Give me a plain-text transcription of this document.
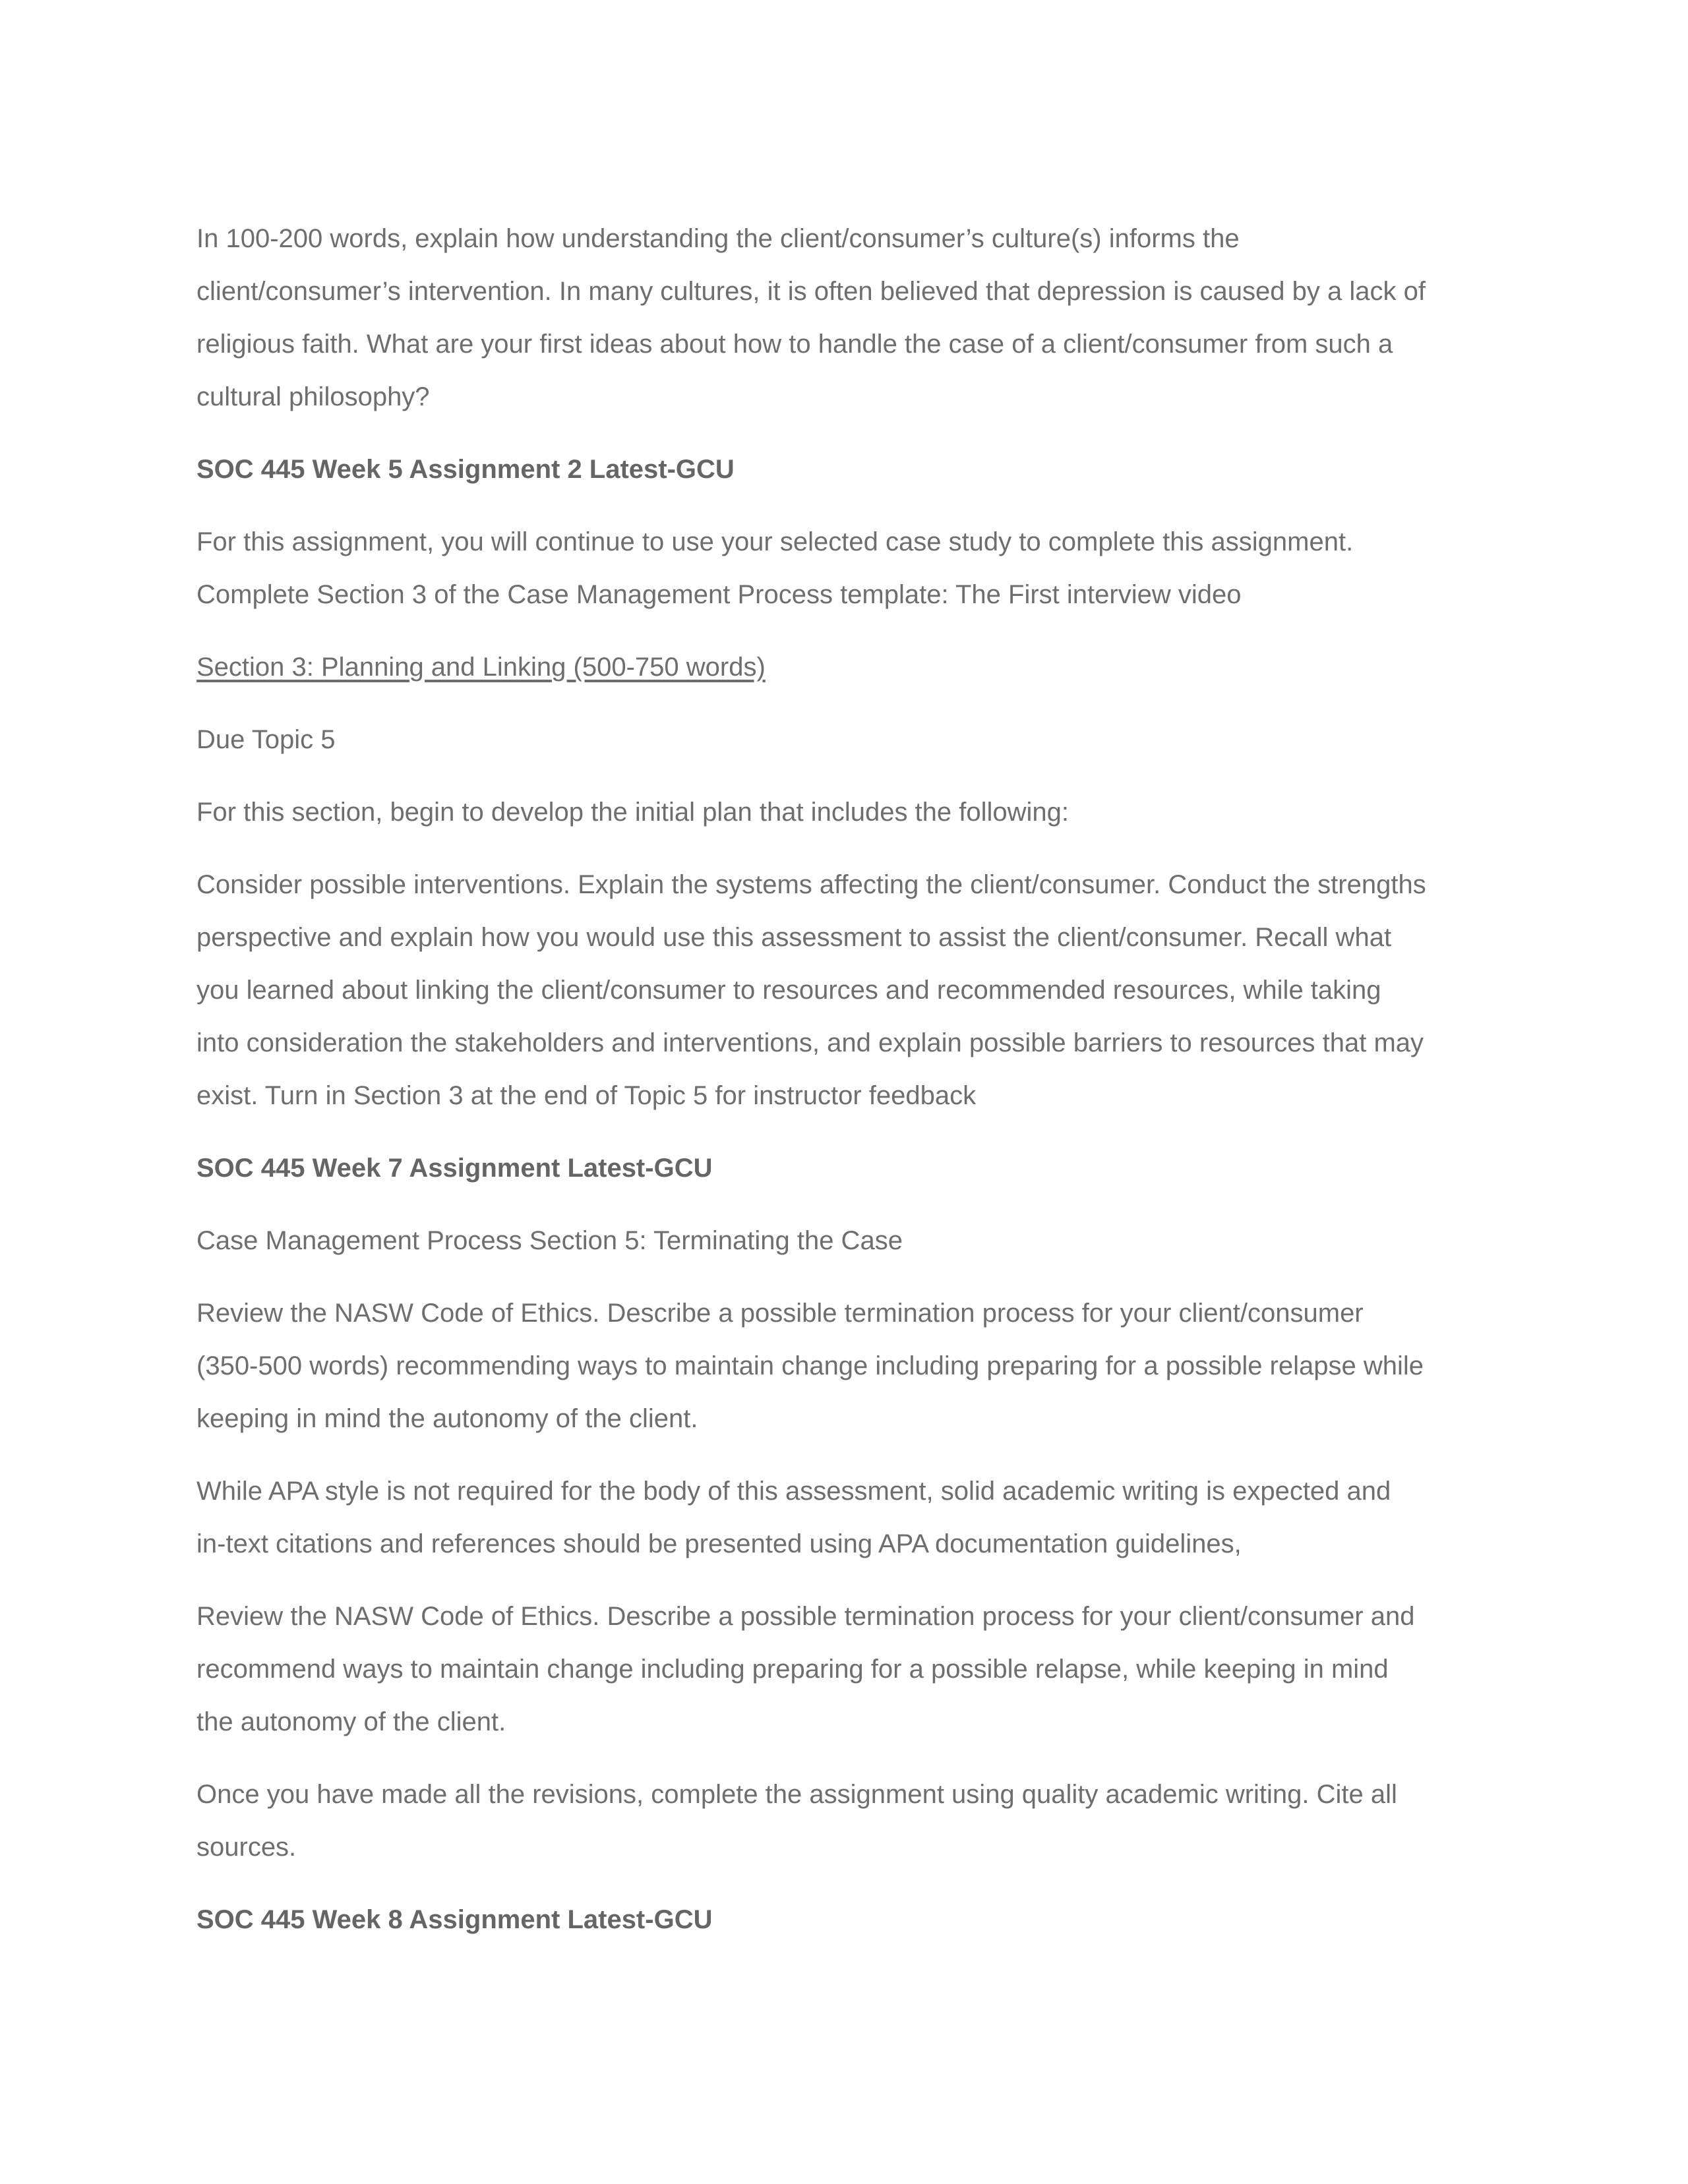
In 100-200 words, explain how understanding the client/consumer’s culture(s) informs the
client/consumer’s intervention. In many cultures, it is often believed that depression is caused by a lack of
religious faith. What are your first ideas about how to handle the case of a client/consumer from such a
cultural philosophy?
SOC 445 Week 5 Assignment 2 Latest-GCU
For this assignment, you will continue to use your selected case study to complete this assignment.
Complete Section 3 of the Case Management Process template: The First interview video
Section 3: Planning and Linking (500-750 words)
Due Topic 5
For this section, begin to develop the initial plan that includes the following:
Consider possible interventions. Explain the systems affecting the client/consumer. Conduct the strengths
perspective and explain how you would use this assessment to assist the client/consumer. Recall what
you learned about linking the client/consumer to resources and recommended resources, while taking
into consideration the stakeholders and interventions, and explain possible barriers to resources that may
exist. Turn in Section 3 at the end of Topic 5 for instructor feedback
SOC 445 Week 7 Assignment Latest-GCU
Case Management Process Section 5: Terminating the Case
Review the NASW Code of Ethics. Describe a possible termination process for your client/consumer
(350-500 words) recommending ways to maintain change including preparing for a possible relapse while
keeping in mind the autonomy of the client.
While APA style is not required for the body of this assessment, solid academic writing is expected and
in-text citations and references should be presented using APA documentation guidelines,
Review the NASW Code of Ethics. Describe a possible termination process for your client/consumer and
recommend ways to maintain change including preparing for a possible relapse, while keeping in mind
the autonomy of the client.
Once you have made all the revisions, complete the assignment using quality academic writing. Cite all
sources.
SOC 445 Week 8 Assignment Latest-GCU
